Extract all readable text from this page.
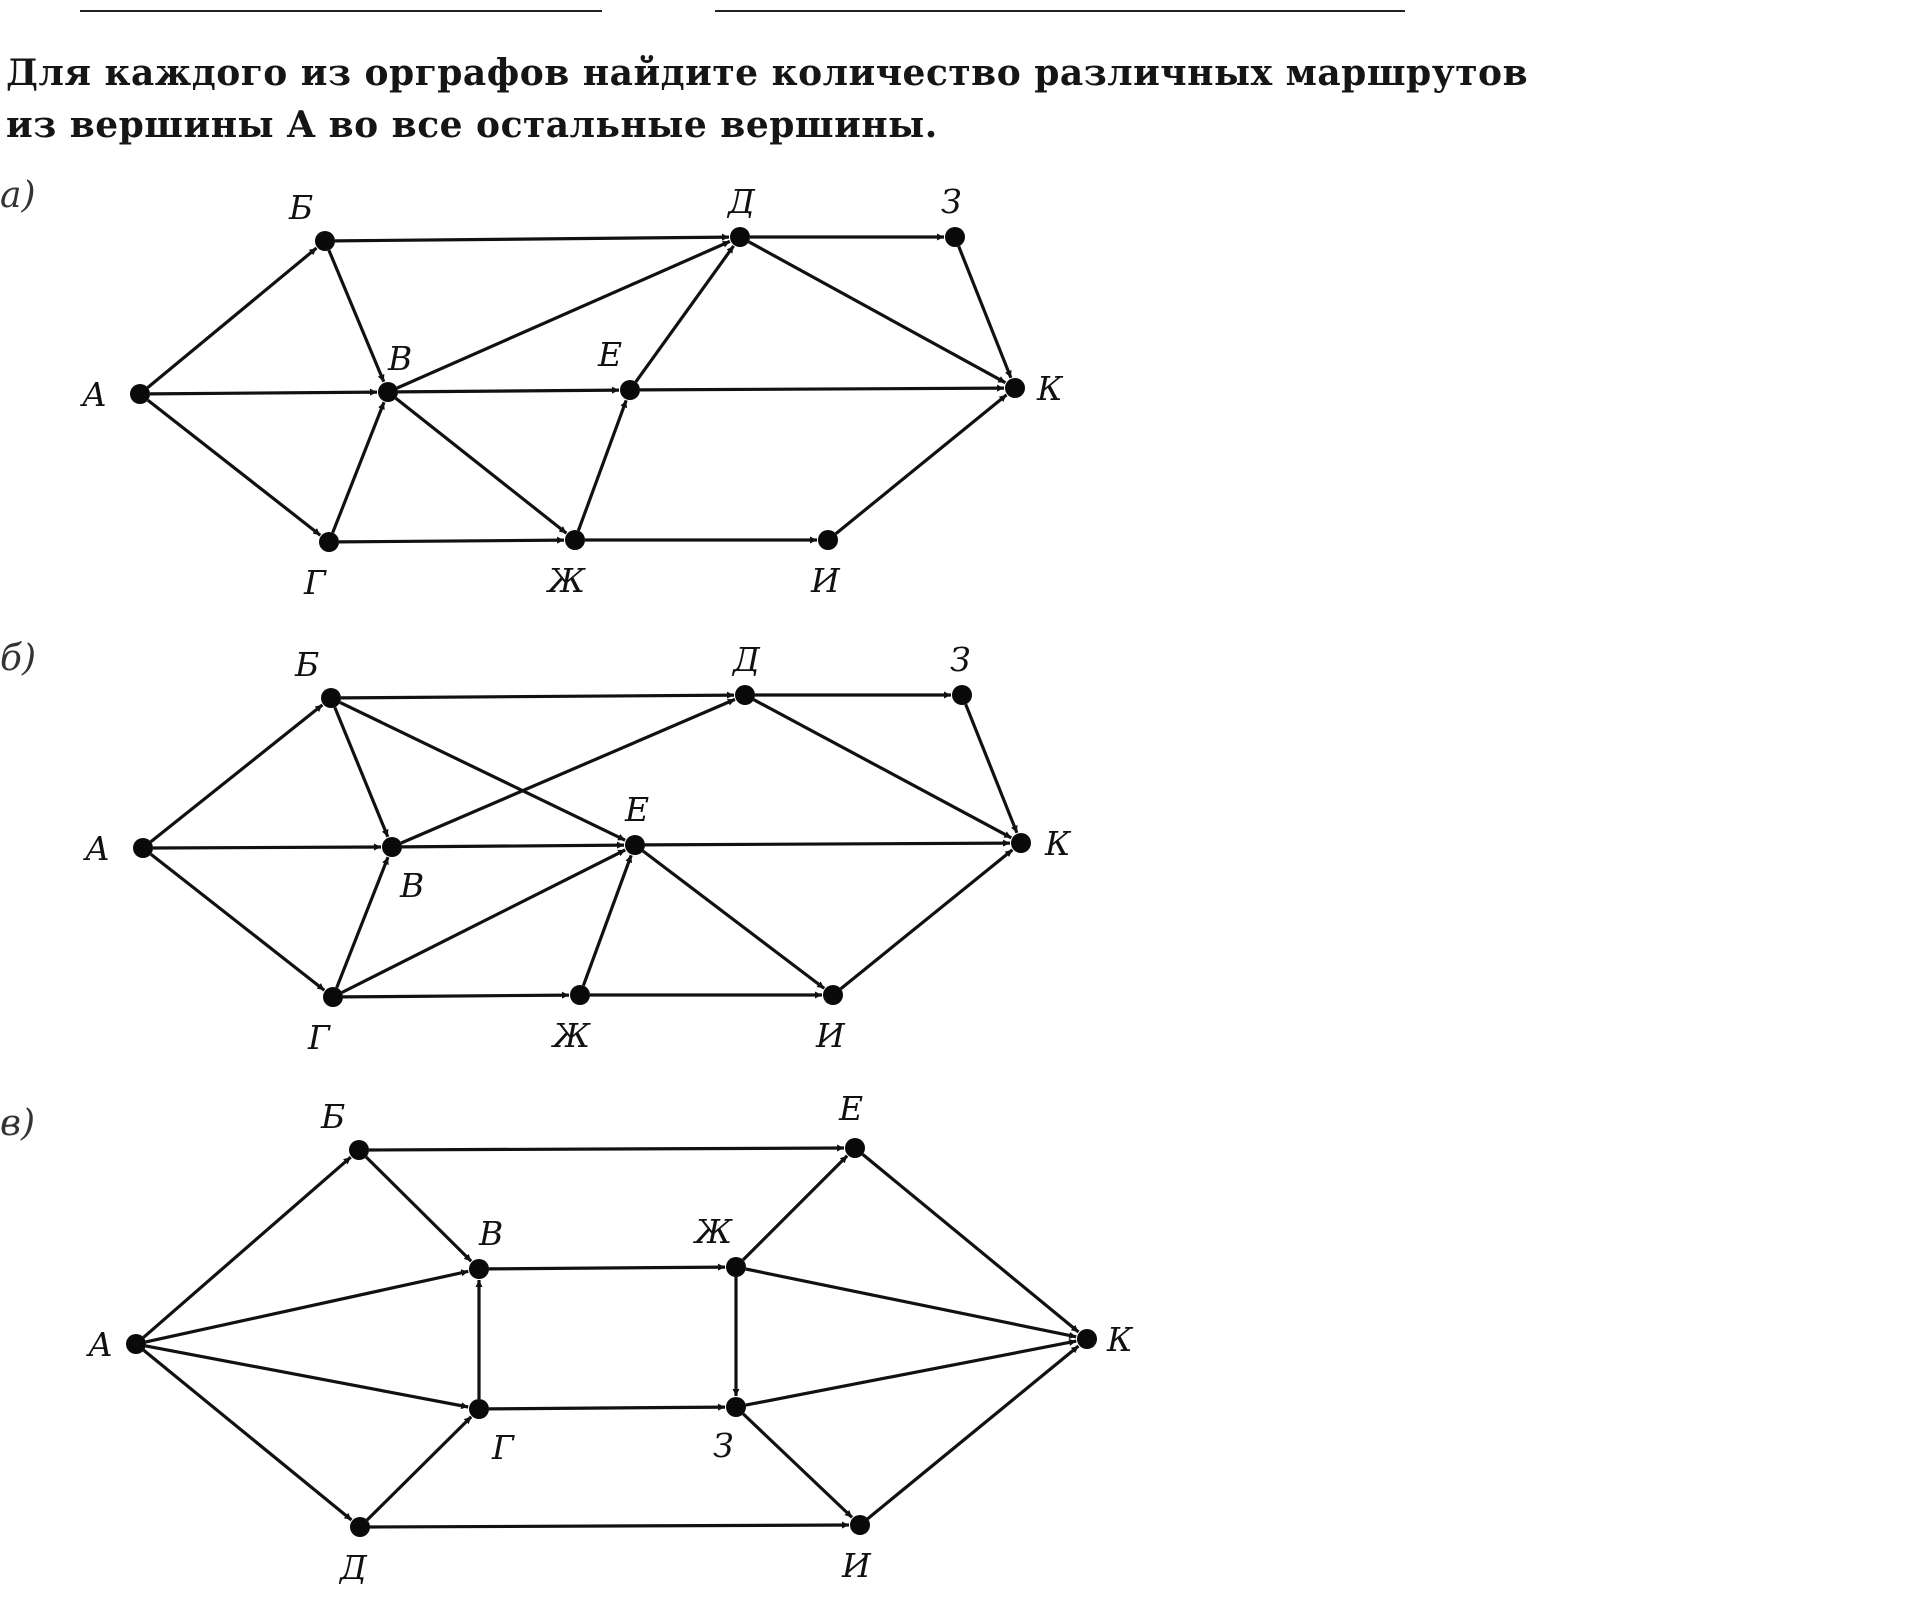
Для каждого из орграфов найдите количество различных маршрутов
из вершины A во все остальные вершины.
а)
б)
в)
А
Б
В
Г
Д
Е
Ж
З
И
К
А
Б
В
Г
Д
Е
Ж
З
И
К
А
Б
В
Г
Д
Е
Ж
З
И
К
